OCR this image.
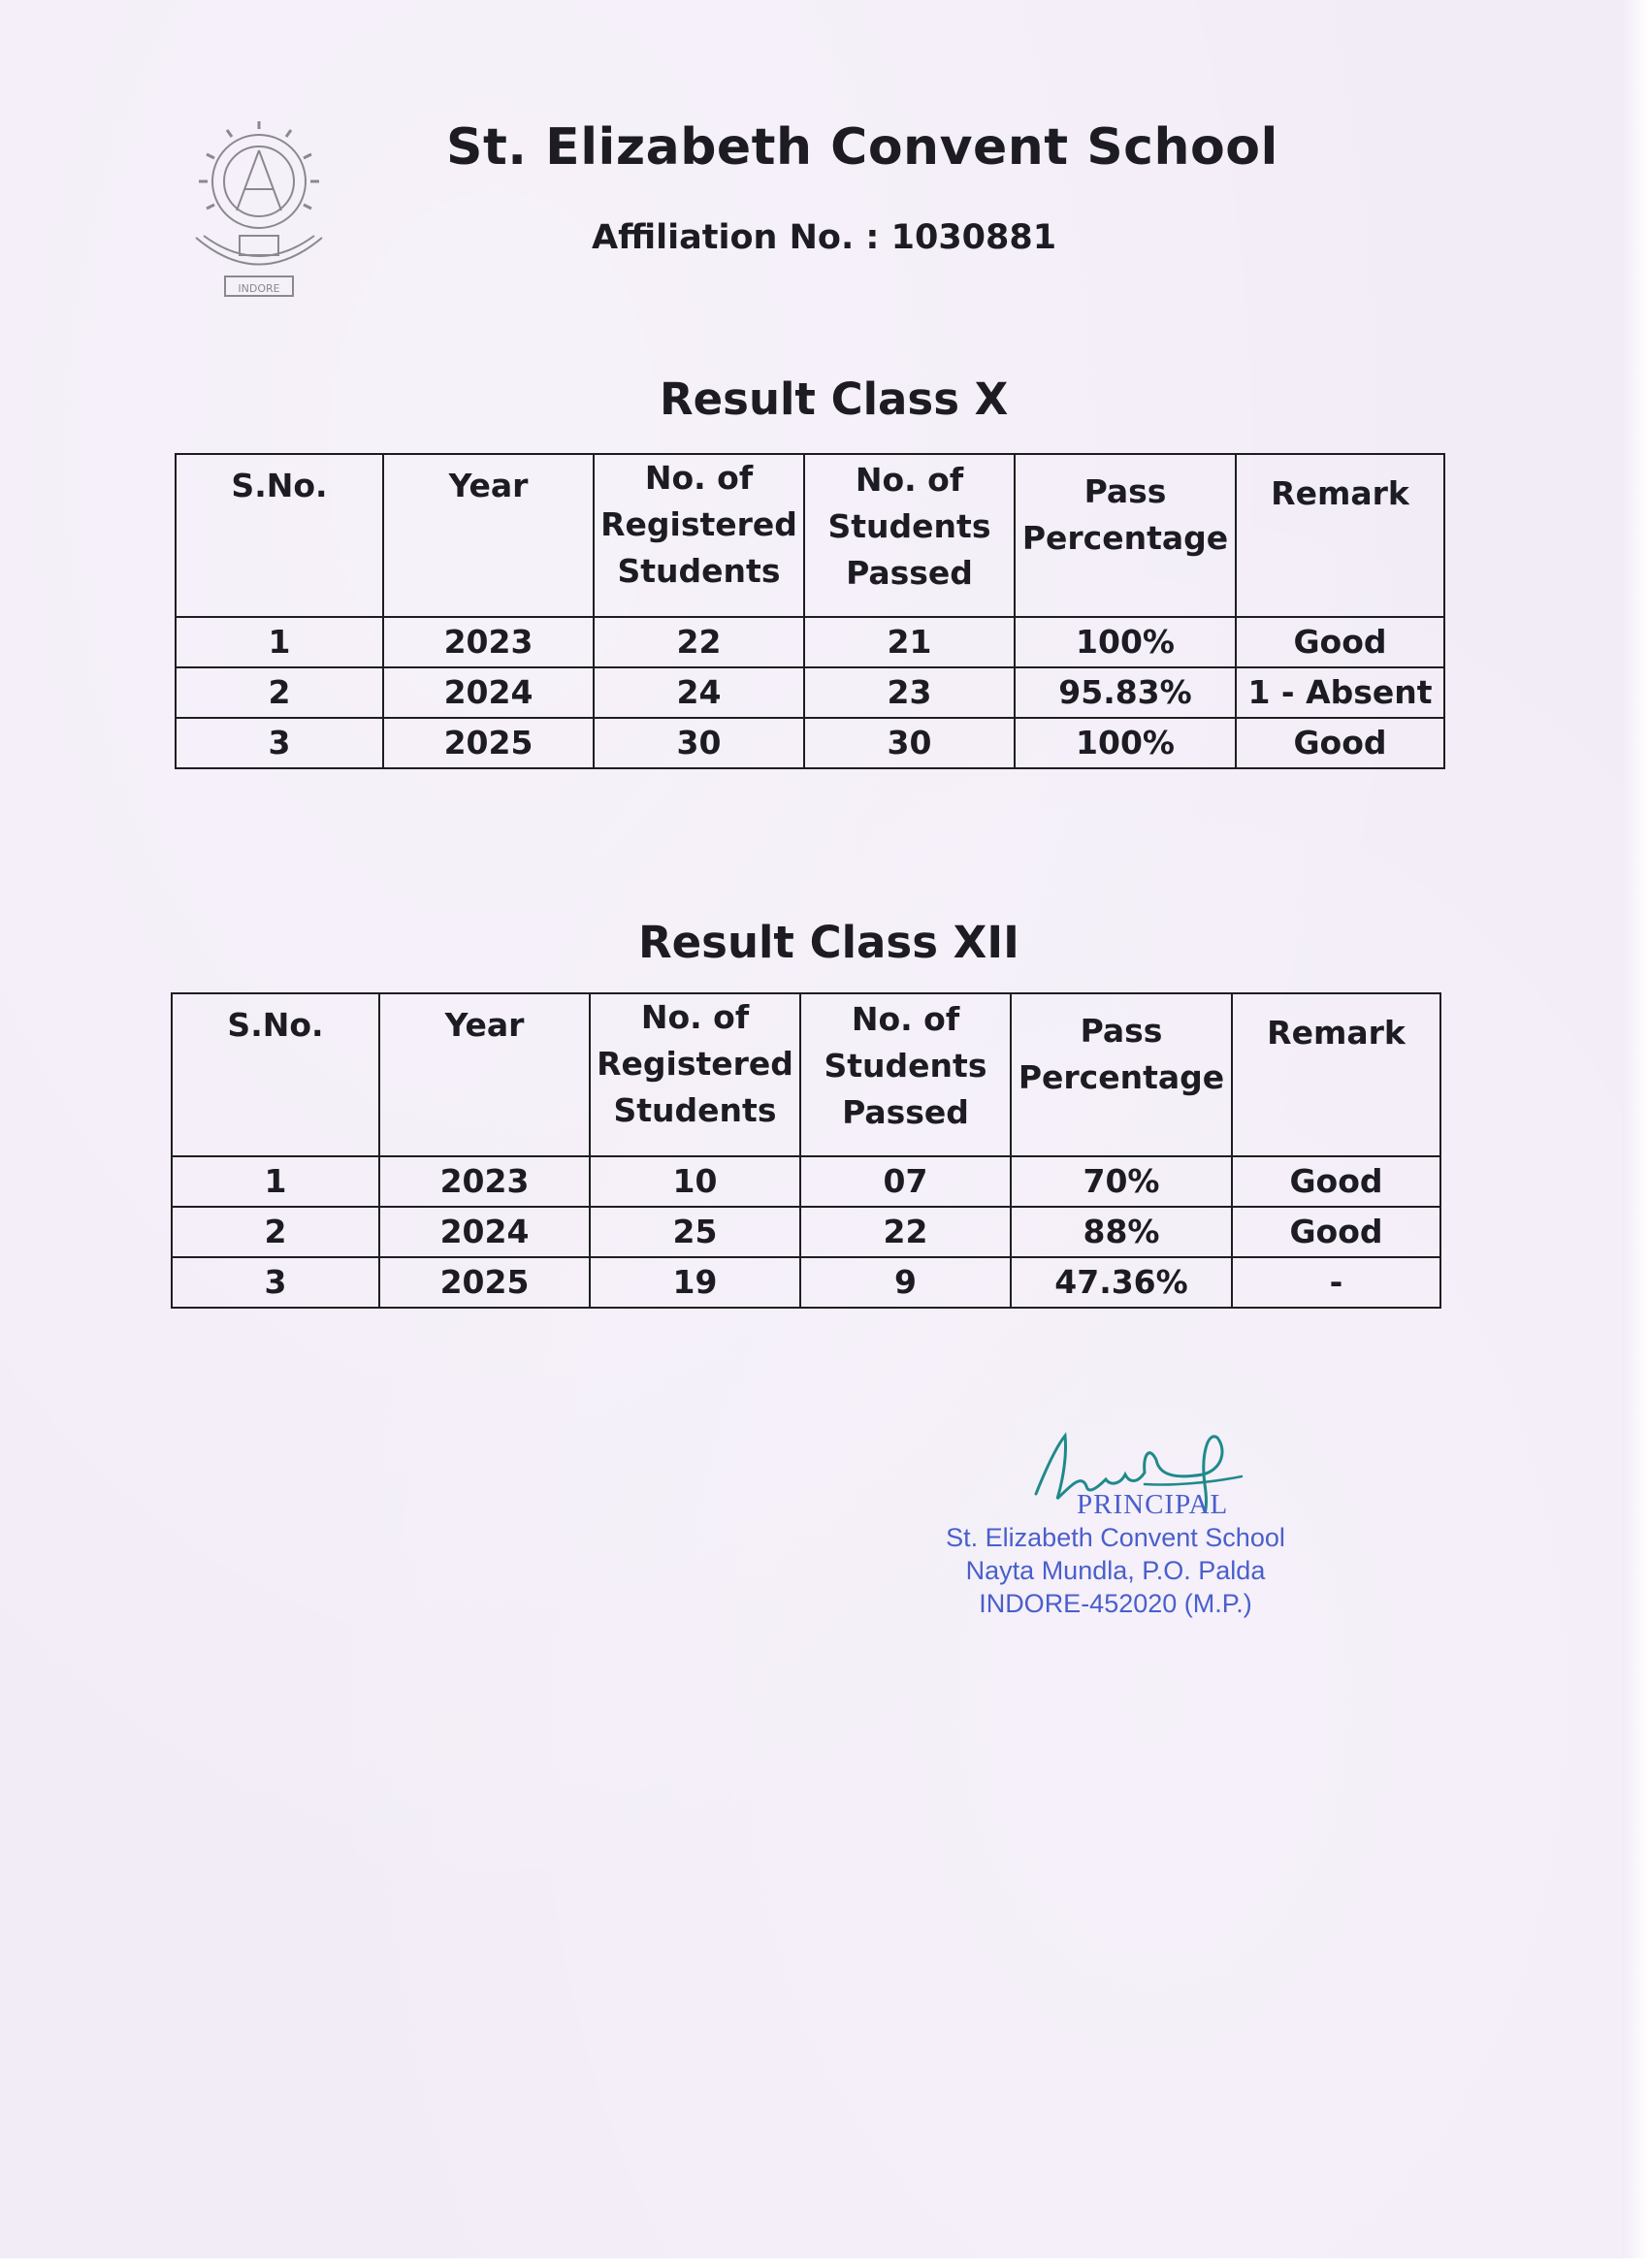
INDORE
St. Elizabeth Convent School
Affiliation No. : 1030881
Result Class X
S.No.	Year	No. of Registered Students	No. of Students Passed	Pass Percentage	Remark
1	2023	22	21	100%	Good
2	2024	24	23	95.83%	1 - Absent
3	2025	30	30	100%	Good
Result Class XII
S.No.	Year	No. of Registered Students	No. of Students Passed	Pass Percentage	Remark
1	2023	10	07	70%	Good
2	2024	25	22	88%	Good
3	2025	19	9	47.36%	-
PRINCIPAL
St. Elizabeth Convent School
Nayta Mundla, P.O. Palda
INDORE-452020 (M.P.)
